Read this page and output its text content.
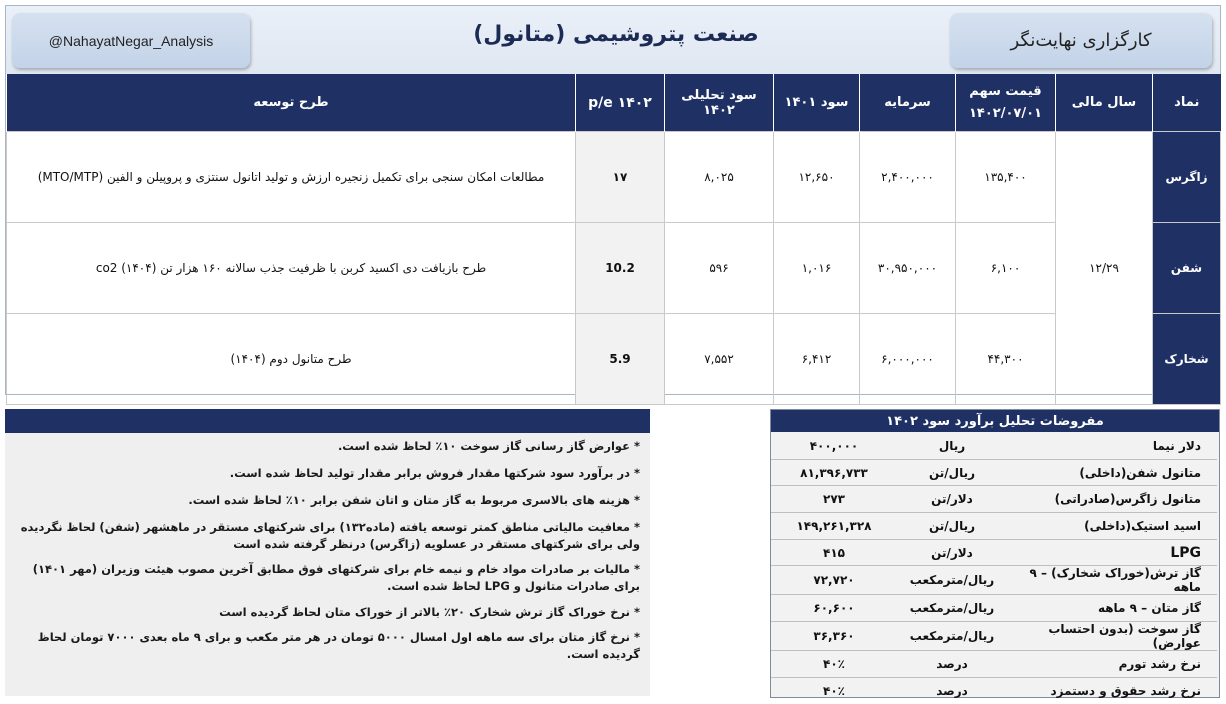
@NahayatNegar_Analysis	صنعت پتروشیمی (متانول)	کارگزاری نهایت‌نگر
نماد	سال مالی	قیمت سهم ۱۴۰۲/۰۷/۰۱	سرمایه	سود ۱۴۰۱	سود تحلیلی ۱۴۰۲	p/e ۱۴۰۲	طرح توسعه
زاگرس	۱۲/۲۹	۱۳۵,۴۰۰	۲,۴۰۰,۰۰۰	۱۲,۶۵۰	۸,۰۲۵	۱۷	مطالعات امکان سنجی برای تکمیل زنجیره ارزش و تولید اتانول سنتزی و پروپیلن و الفین (MTO/MTP)
شفن		۶,۱۰۰	۳۰,۹۵۰,۰۰۰	۱,۰۱۶	۵۹۶	10.2	طرح بازیافت دی اکسید کربن با ظرفیت جذب سالانه ۱۶۰ هزار تن co2 (۱۴۰۴)
شخارک		۴۴,۳۰۰	۶,۰۰۰,۰۰۰	۶,۴۱۲	۷,۵۵۲	5.9	طرح متانول دوم (۱۴۰۴)
* عوارض گاز رسانی گاز سوخت ۱۰٪ لحاظ شده است.
* در برآورد سود شرکتها مقدار فروش برابر مقدار تولید لحاظ شده است.
* هزینه های بالاسری مربوط به گاز متان و اتان شفن برابر ۱۰٪ لحاظ شده است.
* معافیت مالیاتی مناطق کمتر توسعه یافته (ماده۱۳۲) برای شرکتهای مستقر در ماهشهر (شفن) لحاظ نگردیده ولی برای شرکتهای مستقر در عسلویه (زاگرس) درنظر گرفته شده است
* مالیات بر صادرات مواد خام و نیمه خام برای شرکتهای فوق مطابق آخرین مصوب هیئت وزیران (مهر ۱۴۰۱) برای صادرات متانول و LPG لحاظ شده است.
* نرخ خوراک گاز ترش شخارک ۲۰٪ بالاتر از خوراک متان لحاظ گردیده است
* نرخ گاز متان برای سه ماهه اول امسال ۵۰۰۰ تومان در هر متر مکعب و برای ۹ ماه بعدی ۷۰۰۰ تومان لحاظ گردیده است.
مفروضات تحلیل برآورد سود ۱۴۰۲
دلار نیما	ریال	۴۰۰,۰۰۰
متانول شفن(داخلی)	ریال/تن	۸۱,۳۹۶,۷۳۳
متانول زاگرس(صادراتی)	دلار/تن	۲۷۳
اسید استیک(داخلی)	ریال/تن	۱۴۹,۲۶۱,۳۲۸
LPG	دلار/تن	۴۱۵
گاز ترش(خوراک شخارک) – ۹ ماهه	ریال/مترمکعب	۷۲,۷۲۰
گاز متان – ۹ ماهه	ریال/مترمکعب	۶۰,۶۰۰
گاز سوخت (بدون احتساب عوارض)	ریال/مترمکعب	۳۶,۳۶۰
نرخ رشد تورم	درصد	۴۰٪
نرخ رشد حقوق و دستمزد	درصد	۴۰٪
